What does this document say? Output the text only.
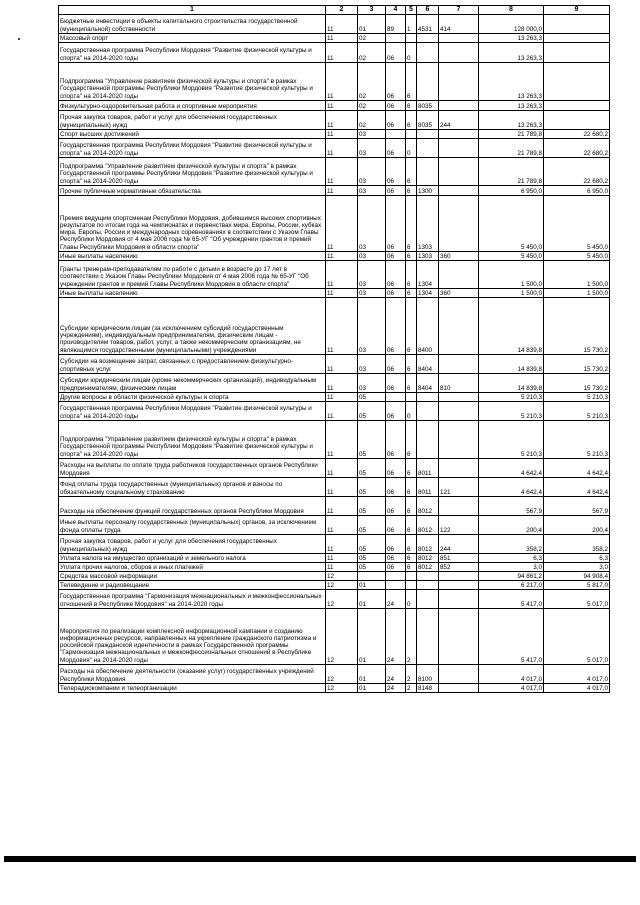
1	2	3	4	5	6	7	8	9
Бюджетные инвестиции в объекты капитального строительства государственной (муниципальной) собственности	11	01	89	1	4531	414	128 000,0	
Массовый спорт	11	02					13 263,3	
Государственная программа Республики Мордовия "Развитие физической культуры и спорта" на 2014-2020 годы	11	02	06	0			13 263,3	
Подпрограмма "Управление развитием физической культуры и спорта" в рамках Государственной программы Республики Мордовия "Развитие физической культуры и спорта" на 2014-2020 годы	11	02	06	6			13 263,3	
Физкультурно-оздоровительная работа и спортивные мероприятия	11	02	06	6	8035		13 263,3	
Прочая закупка товаров, работ и услуг для обеспечения государственных (муниципальных) нужд	11	02	06	6	8035	244	13 263,3	
Спорт высших достижений	11	03					21 789,8	22 680,2
Государственная программа Республики Мордовия "Развитие физической культуры и спорта" на 2014-2020 годы	11	03	06	0			21 789,8	22 680,2
Подпрограмма "Управление развитием физической культуры и спорта" в рамках Государственной программы Республики Мордовия "Развитие физической культуры и спорта" на 2014-2020 годы	11	03	06	6			21 789,8	22 680,2
Прочие публичные нормативные обязательства	11	03	06	6	1300		6 950,0	6 950,0
Премия ведущим спортсменам Республики Мордовия, добившимся высоких спортивных результатов по итогам года на чемпионатах и первенствах мира, Европы, России, кубках мира, Европы, России и международных соревнованиях в соответствии с Указом Главы Республики Мордовия от 4 мая 2006 года № 65-УГ "Об учреждении грантов и премий Главы Республики Мордовия в области спорта"	11	03	06	6	1303		5 450,0	5 450,0
Иные выплаты населению	11	03	06	6	1303	360	5 450,0	5 450,0
Гранты тренерам-преподавателям по работе с детьми в возрасте до 17 лет в соответствии с Указом Главы Республики Мордовия от 4 мая 2006 года № 65-УГ "Об учреждении грантов и премий Главы Республики Мордовия в области спорта"	11	03	06	6	1304		1 500,0	1 500,0
Иные выплаты населению	11	03	06	6	1304	360	1 500,0	1 500,0
Субсидии юридическим лицам (за исключением субсидий государственным учреждениям), индивидуальным предпринимателям, физическим лицам - производителям товаров, работ, услуг, а также некоммерческим организациям, не являющимся государственными (муниципальными) учреждениями	11	03	06	6	8400		14 839,8	15 730,2
Субсидии на возмещение затрат, связанных с предоставлением физкультурно-спортивных услуг	11	03	06	6	8404		14 839,8	15 730,2
Субсидии юридическим лицам (кроме некоммерческих организаций), индивидуальным предпринимателям, физическим лицам	11	03	06	6	8404	810	14 839,8	15 730,2
Другие вопросы в области физической культуры и спорта	11	05					5 210,3	5 210,3
Государственная программа Республики Мордовия "Развитие физической культуры и спорта" на 2014-2020 годы	11	05	06	0			5 210,3	5 210,3
Подпрограмма "Управление развитием физической культуры и спорта" в рамках Государственной программы Республики Мордовия "Развитие физической культуры и спорта" на 2014-2020 годы	11	05	06	6			5 210,3	5 210,3
Расходы на выплаты по оплате труда работников государственных органов Республики Мордовия	11	05	06	6	8011		4 642,4	4 642,4
Фонд оплаты труда государственных (муниципальных) органов и взносы по обязательному социальному страхованию	11	05	06	6	8011	121	4 642,4	4 642,4
Расходы на обеспечение функций государственных органов Республики Мордовия	11	05	06	6	8012		567,9	567,9
Иные выплаты персоналу государственных (муниципальных) органов, за исключением фонда оплаты труда	11	05	06	6	8012	122	200,4	200,4
Прочая закупка товаров, работ и услуг для обеспечения государственных (муниципальных) нужд	11	05	06	6	8012	244	358,2	358,2
Уплата налога на имущество организаций и земельного налога	11	05	06	6	8012	851	6,3	6,3
Уплата прочих налогов, сборов и иных платежей	11	05	06	6	8012	852	3,0	3,0
Средства массовой информации	12						94 861,2	94 908,4
Телевидение и радиовещание	12	01					6 217,0	5 817,0
Государственная программа "Гармонизация межнациональных и межконфессиональных отношений в Республике Мордовия" на 2014-2020 годы	12	01	24	0			5 417,0	5 017,0
Мероприятия по реализации комплексной информационной кампании и созданию информационных ресурсов, направленных на укрепление гражданского патриотизма и российской гражданской идентичности в рамках Государственной программы "Гармонизация межнациональных и межконфессиональных отношений в Республике Мордовия" на 2014-2020 годы	12	01	24	2			5 417,0	5 017,0
Расходы на обеспечение деятельности (оказание услуг) государственных учреждений Республики Мордовия	12	01	24	2	8100		4 017,0	4 017,0
Телерадиокомпании и телеорганизации	12	01	24	2	8148		4 017,0	4 017,0
